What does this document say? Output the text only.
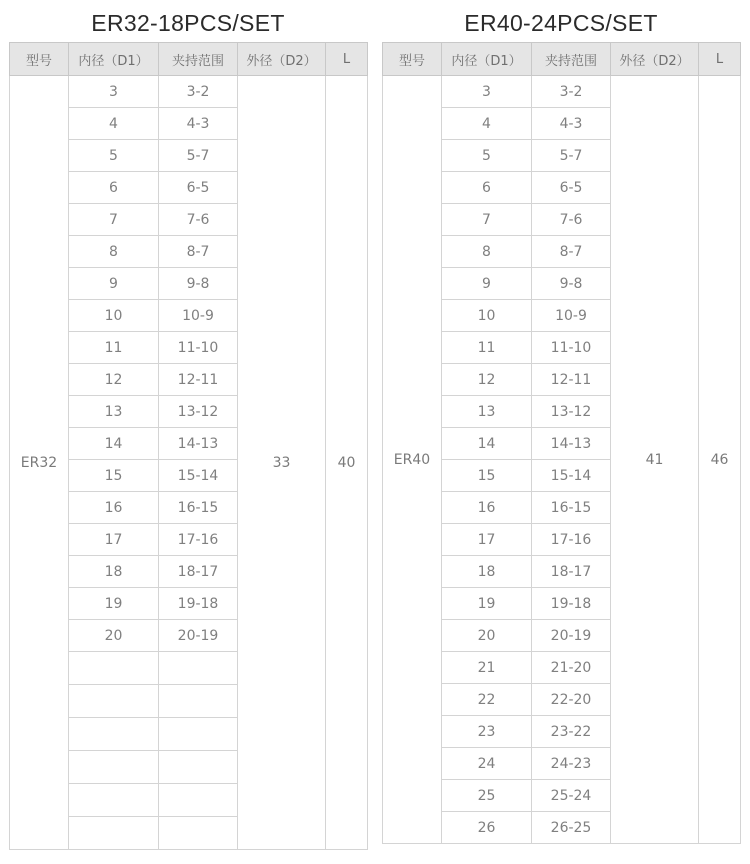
ER32-18PCS/SET
型号	内径（D1）	夹持范围	外径（D2）	L
ER32	3	3-2	33	40
	4	4-3		
	5	5-7		
	6	6-5		
	7	7-6		
	8	8-7		
	9	9-8		
	10	10-9		
	11	11-10		
	12	12-11		
	13	13-12		
	14	14-13		
	15	15-14		
	16	16-15		
	17	17-16		
	18	18-17		
	19	19-18		
	20	20-19		

ER40-24PCS/SET
型号	内径（D1）	夹持范围	外径（D2）	L
ER40	3	3-2	41	46
	4	4-3		
	5	5-7		
	6	6-5		
	7	7-6		
	8	8-7		
	9	9-8		
	10	10-9		
	11	11-10		
	12	12-11		
	13	13-12		
	14	14-13		
	15	15-14		
	16	16-15		
	17	17-16		
	18	18-17		
	19	19-18		
	20	20-19		
	21	21-20		
	22	22-20		
	23	23-22		
	24	24-23		
	25	25-24		
	26	26-25		
